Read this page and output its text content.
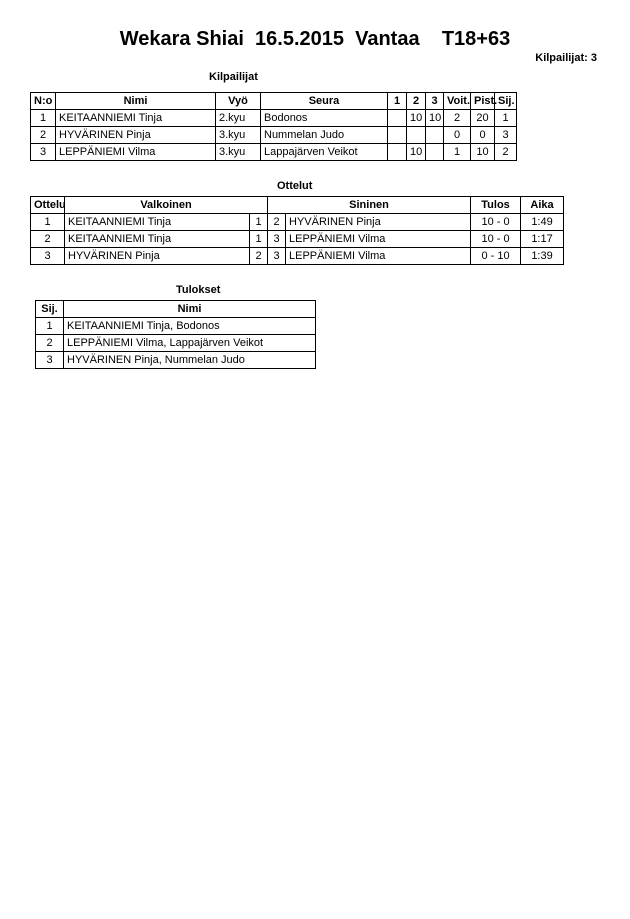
Wekara Shiai  16.5.2015  Vantaa    T18+63
Kilpailijat: 3
Kilpailijat
N:o	Nimi	Vyö	Seura	1	2	3	Voit.	Pist.	Sij.
1	KEITAANNIEMI Tinja	2.kyu	Bodonos		10	10	2	20	1
2	HYVÄRINEN Pinja	3.kyu	Nummelan Judo				0	0	3
3	LEPPÄNIEMI Vilma	3.kyu	Lappajärven Veikot		10		1	10	2
Ottelut
Ottelu	Valkoinen		Sininen		Tulos	Aika
1	KEITAANNIEMI Tinja	1	2	HYVÄRINEN Pinja	10 - 0	1:49
2	KEITAANNIEMI Tinja	1	3	LEPPÄNIEMI Vilma	10 - 0	1:17
3	HYVÄRINEN Pinja	2	3	LEPPÄNIEMI Vilma	0 - 10	1:39
Tulokset
Sij.	Nimi
1	KEITAANNIEMI Tinja, Bodonos
2	LEPPÄNIEMI Vilma, Lappajärven Veikot
3	HYVÄRINEN Pinja, Nummelan Judo
